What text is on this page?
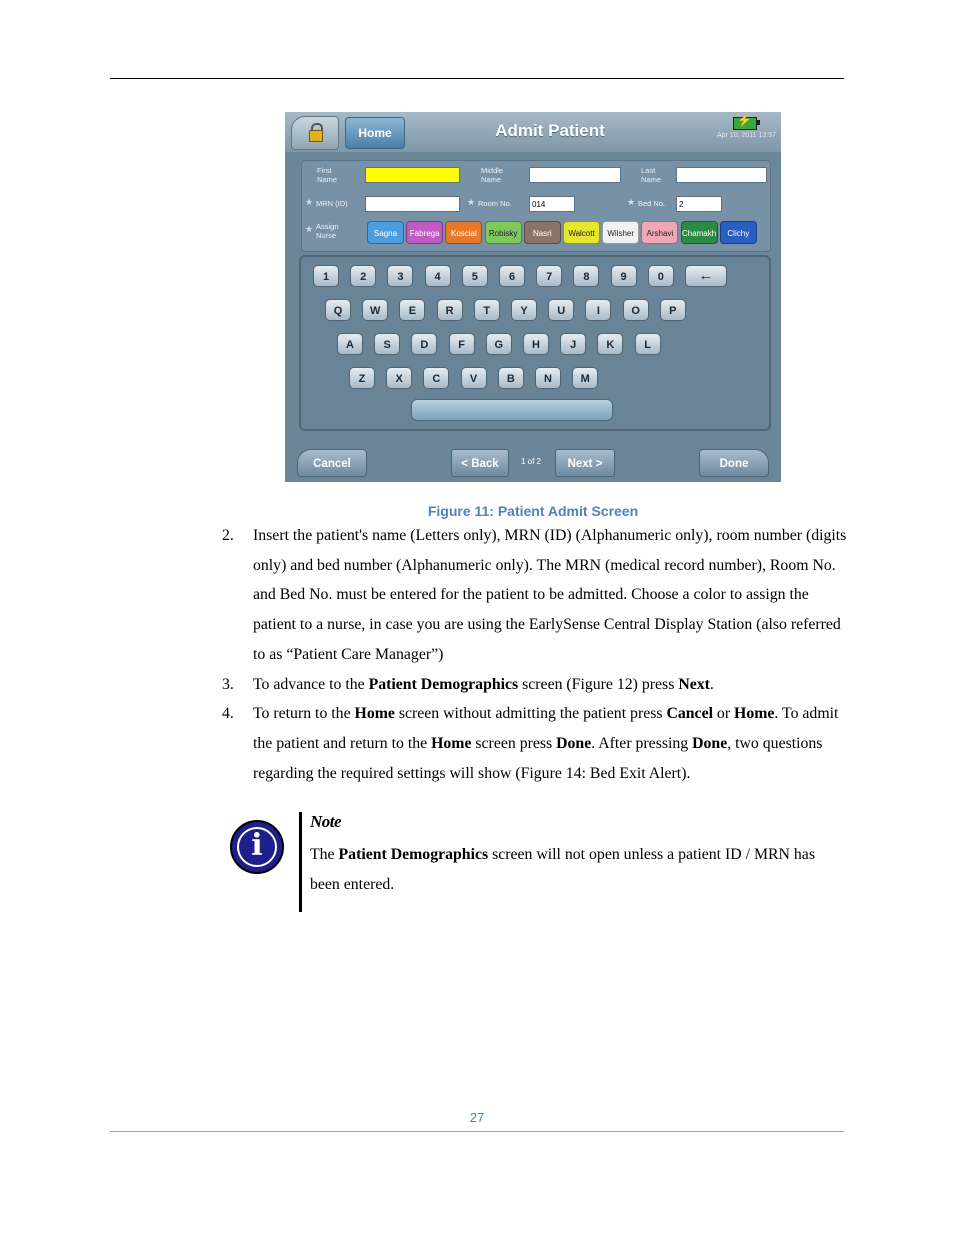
Home	Admit Patient
⚡
Apr 10, 2011 13:57
First Name
Middle Name
Last Name
★ MRN (ID)	★ Room No.	014	★ Bed No.	2
★ Assign Nurse	Sagna	Fabrega	Koscial	Robisky	Nasri	Walcott	Wilsher	Arshavi	Chamakh	Clichy
1	2	3	4	5	6	7	8	9	0
Q	W	E	R	T	Y	U	I	O	P
A	S	D	F	G	H	J	K	L
Z	X	C	V	B	N	M
←
Cancel	< Back	1 of 2	Next >	Done
Figure 11: Patient Admit Screen
2. Insert the patient's name (Letters only), MRN (ID) (Alphanumeric only), room number (digits only) and bed number (Alphanumeric only). The MRN (medical record number), Room No. and Bed No. must be entered for the patient to be admitted. Choose a color to assign the patient to a nurse, in case you are using the EarlySense Central Display Station (also referred to as “Patient Care Manager”)
3. To advance to the Patient Demographics screen (Figure 12) press Next.
4. To return to the Home screen without admitting the patient press Cancel or Home. To admit the patient and return to the Home screen press Done. After pressing Done, two questions regarding the required settings will show (Figure 14: Bed Exit Alert).
i
Note
The Patient Demographics screen will not open unless a patient ID / MRN has been entered.
27
